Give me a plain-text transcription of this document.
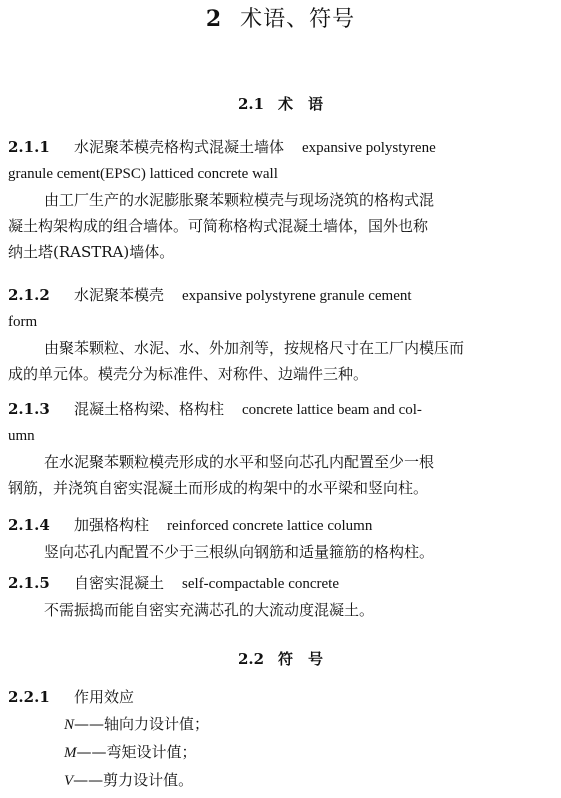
2 术语、符号
2.1 术　语
2.1.1 水泥聚苯模壳格构式混凝土墙体 expansive polystyrene
granule cement(EPSC) latticed concrete wall
由工厂生产的水泥膨胀聚苯颗粒模壳与现场浇筑的格构式混
凝土构架构成的组合墙体。可简称格构式混凝土墙体，国外也称
纳土塔(RASTRA)墙体。
2.1.2 水泥聚苯模壳 expansive polystyrene granule cement
form
由聚苯颗粒、水泥、水、外加剂等，按规格尺寸在工厂内模压而
成的单元体。模壳分为标准件、对称件、边端件三种。
2.1.3 混凝土格构梁、格构柱 concrete lattice beam and col-
umn
在水泥聚苯颗粒模壳形成的水平和竖向芯孔内配置至少一根
钢筋，并浇筑自密实混凝土而形成的构架中的水平梁和竖向柱。
2.1.4 加强格构柱 reinforced concrete lattice column
竖向芯孔内配置不少于三根纵向钢筋和适量箍筋的格构柱。
2.1.5 自密实混凝土 self-compactable concrete
不需振捣而能自密实充满芯孔的大流动度混凝土。
2.2 符　号
2.2.1 作用效应
N——轴向力设计值；
M——弯矩设计值；
V——剪力设计值。
